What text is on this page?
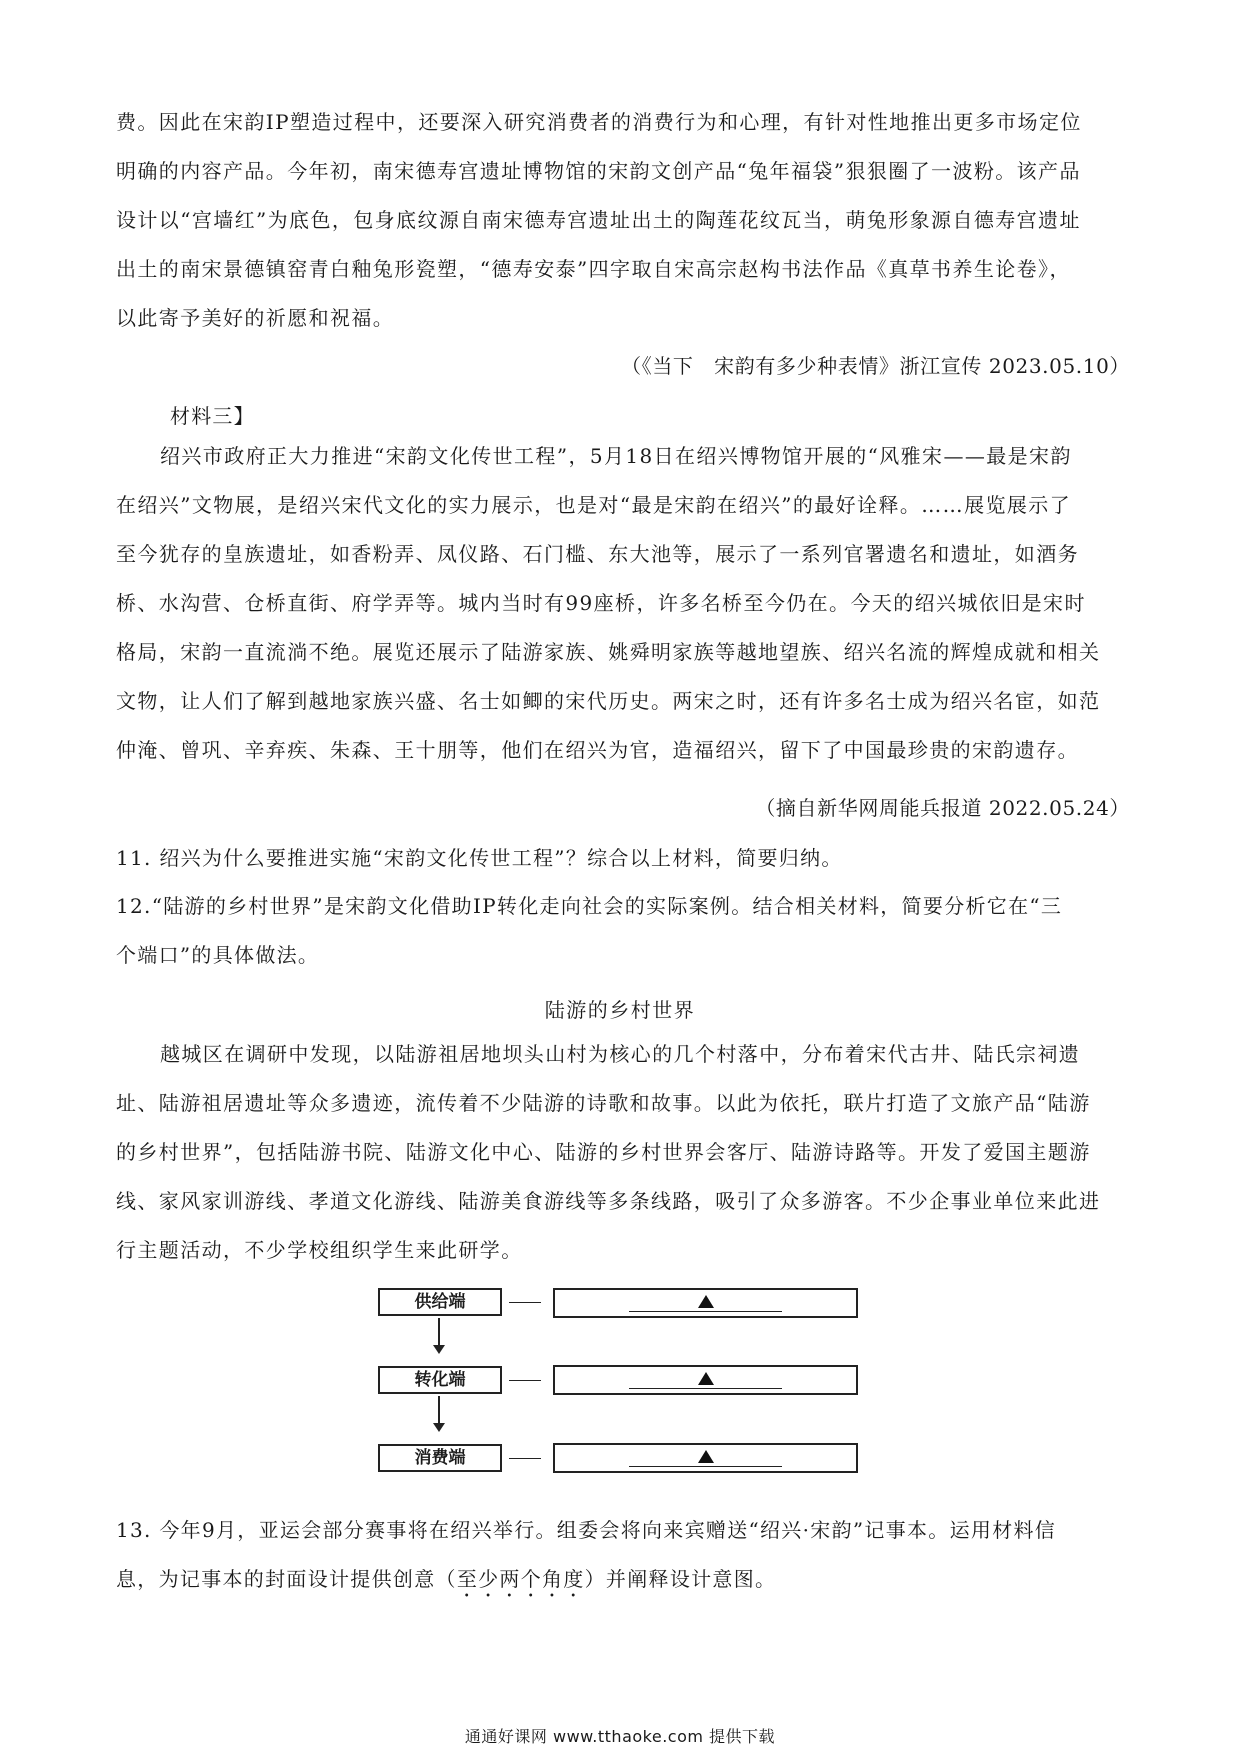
费。因此在宋韵IP塑造过程中，还要深入研究消费者的消费行为和心理，有针对性地推出更多市场定位
明确的内容产品。今年初，南宋德寿宫遗址博物馆的宋韵文创产品“兔年福袋”狠狠圈了一波粉。该产品
设计以“宫墙红”为底色，包身底纹源自南宋德寿宫遗址出土的陶莲花纹瓦当，萌兔形象源自德寿宫遗址
出土的南宋景德镇窑青白釉兔形瓷塑，“德寿安泰”四字取自宋高宗赵构书法作品《真草书养生论卷》，
以此寄予美好的祈愿和祝福。
（《当下　宋韵有多少种表情》浙江宣传 2023.05.10）
材料三】
绍兴市政府正大力推进“宋韵文化传世工程”，5月18日在绍兴博物馆开展的“风雅宋——最是宋韵
在绍兴”文物展，是绍兴宋代文化的实力展示，也是对“最是宋韵在绍兴”的最好诠释。……展览展示了
至今犹存的皇族遗址，如香粉弄、凤仪路、石门槛、东大池等，展示了一系列官署遗名和遗址，如酒务
桥、水沟营、仓桥直街、府学弄等。城内当时有99座桥，许多名桥至今仍在。今天的绍兴城依旧是宋时
格局，宋韵一直流淌不绝。展览还展示了陆游家族、姚舜明家族等越地望族、绍兴名流的辉煌成就和相关
文物，让人们了解到越地家族兴盛、名士如鲫的宋代历史。两宋之时，还有许多名士成为绍兴名宦，如范
仲淹、曾巩、辛弃疾、朱森、王十朋等，他们在绍兴为官，造福绍兴，留下了中国最珍贵的宋韵遗存。
（摘自新华网周能兵报道 2022.05.24）
11. 绍兴为什么要推进实施“宋韵文化传世工程”？综合以上材料，简要归纳。
12.“陆游的乡村世界”是宋韵文化借助IP转化走向社会的实际案例。结合相关材料，简要分析它在“三
个端口”的具体做法。
陆游的乡村世界
越城区在调研中发现，以陆游祖居地坝头山村为核心的几个村落中，分布着宋代古井、陆氏宗祠遗
址、陆游祖居遗址等众多遗迹，流传着不少陆游的诗歌和故事。以此为依托，联片打造了文旅产品“陆游
的乡村世界”，包括陆游书院、陆游文化中心、陆游的乡村世界会客厅、陆游诗路等。开发了爱国主题游
线、家风家训游线、孝道文化游线、陆游美食游线等多条线路，吸引了众多游客。不少企事业单位来此进
行主题活动，不少学校组织学生来此研学。
供给端
转化端
消费端
13. 今年9月，亚运会部分赛事将在绍兴举行。组委会将向来宾赠送“绍兴·宋韵”记事本。运用材料信
息，为记事本的封面设计提供创意（至少两个角度）并阐释设计意图。
通通好课网 www.tthaoke.com 提供下载
